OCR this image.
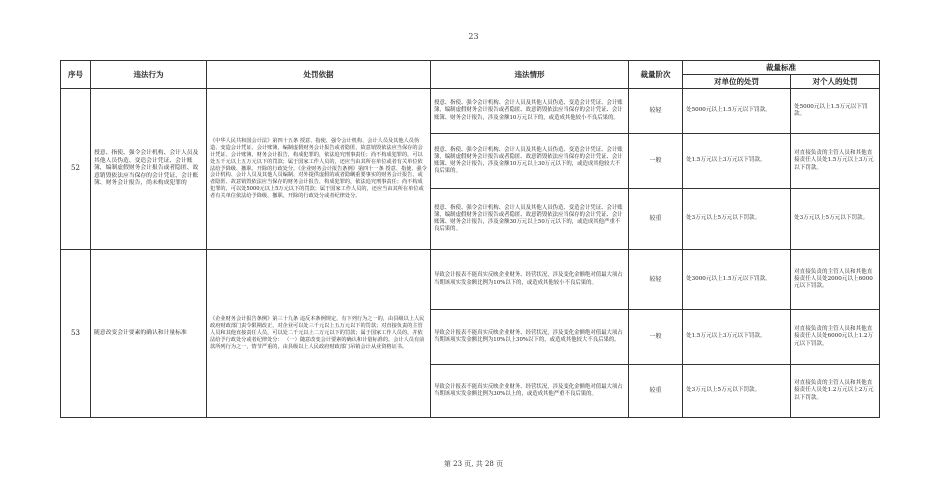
23
序号	违法行为	处罚依据	违法情形	裁量阶次	裁量标准	
					对单位的处罚	对个人的处罚
52	授意、指使、强令会计机构、会计人员及其他人员伪造、变造会计凭证、会计账簿，编制虚假财务会计报告或者隐匿、故意销毁依法应当保存的会计凭证、会计账簿、财务会计报告，尚未构成犯罪的	《中华人民共和国会计法》第四十五条 授意、指使、强令会计机构、会计人员及其他人员伪造、变造会计凭证、会计账簿，编制虚假财务会计报告或者隐匿、故意销毁依法应当保存的会计凭证、会计账簿、财务会计报告，构成犯罪的，依法追究刑事责任；尚不构成犯罪的，可以处五千元以上五万元以下的罚款；属于国家工作人员的，还应当由其所在单位或者有关单位依法给予降级、撤职、开除的行政处分。《企业财务会计报告条例》第四十一条 授意、指使、强令会计机构、会计人员及其他人员编制、对外提供虚假的或者隐瞒重要事实的财务会计报告，或者隐匿、故意销毁依法应当保存的财务会计报告，构成犯罪的，依法追究刑事责任；尚不构成犯罪的，可以处5000元以上5万元以下的罚款；属于国家工作人员的，还应当由其所在单位或者有关单位依法给予降级、撤职、开除的行政处分或者纪律处分。	授意、指使、强令会计机构、会计人员及其他人员伪造、变造会计凭证、会计账簿，编制虚假财务会计报告或者隐匿、故意销毁依法应当保存的会计凭证、会计账簿、财务会计报告，涉及金额10万元以下的，或造成其他较小不良后果的。	较轻	处5000元以上1.5万元以下罚款。	处5000元以上1.5万元以下罚款。
			授意、指使、强令会计机构、会计人员及其他人员伪造、变造会计凭证、会计账簿，编制虚假财务会计报告或者隐匿、故意销毁依法应当保存的会计凭证、会计账簿、财务会计报告，涉及金额10万元以上30万元以下的，或造成其他较大不良后果的。	一般	处1.5万元以上3万元以下罚款。	对直接负责的主管人员和其他直接责任人员处1.5万元以上3万元以下罚款。
			授意、指使、强令会计机构、会计人员及其他人员伪造、变造会计凭证、会计账簿，编制虚假财务会计报告或者隐匿、故意销毁依法应当保存的会计凭证、会计账簿、财务会计报告，涉及金额30万元以上50万元以下的，或造成其他严重不良后果的。	较重	处3万元以上5万元以下罚款。	处3万元以上5万元以下罚款。
53	随意改变会计要素的确认和计量标准	《企业财务会计报告条例》第三十九条 违反本条例规定，有下列行为之一的，由县级以上人民政府财政部门责令限期改正，对企业可以处三千元以上五万元以下的罚款；对直接负责的主管人员和其他直接责任人员，可以处二千元以上二万元以下的罚款；属于国家工作人员的，并依法给予行政处分或者纪律处分： （一）随意改变会计要素的确认和计量标准的。会计人员有前款所列行为之一，情节严重的，由县级以上人民政府财政部门吊销会计从业资格证书。	导致会计报表不能真实反映企业财务、经营状况，涉及变化金额绝对值最大项占当期该项实发金额比例为10%以下的，或造成其他较小不良后果的。	较轻	处3000元以上1.5万元以下罚款。	对直接负责的主管人员和其他直接责任人员处2000元以上6000元以下罚款。
			导致会计报表不能真实反映企业财务、经营状况，涉及变化金额绝对值最大项占当期该项实发金额比例为10%以上30%以下的，或造成其他较大不良后果的。	一般	处1.5万元以上3万元以下罚款。	对直接负责的主管人员和其他直接责任人员处6000元以上1.2万元以下罚款。
			导致会计报表不能真实反映企业财务、经营状况，涉及变化金额绝对值最大项占当期该项实发金额比例为30%以上的，或造成其他严重不良后果的。	较重	处3万元以上5万元以下罚款。	对直接负责的主管人员和其他直接责任人员处1.2万元以上2万元以下罚款。
第 23 页, 共 28 页
